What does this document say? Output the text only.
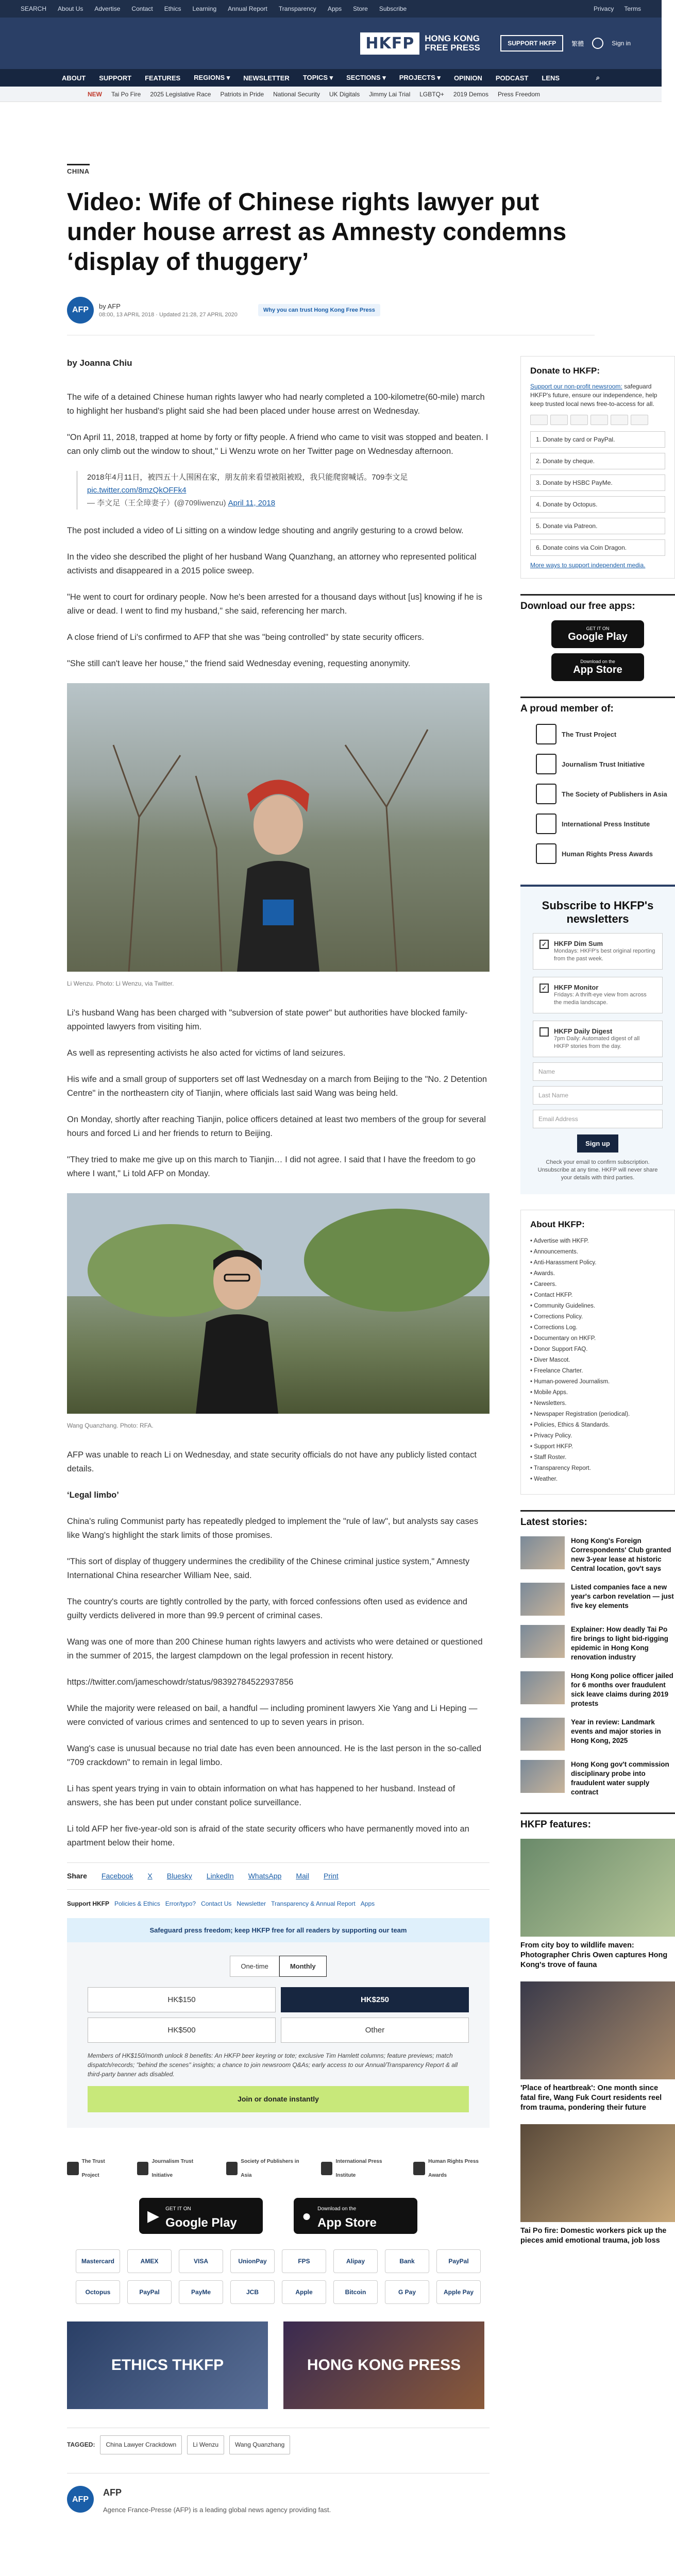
SEARCH About Us Advertise Contact Ethics Learning Annual Report Transparency Apps Store Subscribe	Privacy Terms
HKFP	HONG KONG
FREE PRESS	SUPPORT HKFP	繁體	Sign in
ABOUT SUPPORT FEATURES REGIONS ▾ NEWSLETTER TOPICS ▾ SECTIONS ▾ PROJECTS ▾ OPINION PODCAST LENS	⌕
NEW Tai Po Fire 2025 Legislative Race Patriots in Pride National Security UK Digitals Jimmy Lai Trial LGBTQ+ 2019 Demos Press Freedom
CHINA
Video: Wife of Chinese rights lawyer put under house arrest as Amnesty condemns ‘display of thuggery’
AFP	by AFP
08:00, 13 APRIL 2018 · Updated 21:28, 27 APRIL 2020
Why you can trust Hong Kong Free Press
by Joanna Chiu

The wife of a detained Chinese human rights lawyer who had nearly completed a 100-kilometre(60-mile) march to highlight her husband's plight said she had been placed under house arrest on Wednesday.

"On April 11, 2018, trapped at home by forty or fifty people. A friend who came to visit was stopped and beaten. I can only climb out the window to shout," Li Wenzu wrote on her Twitter page on Wednesday afternoon.

2018年4月11日，被四五十人围困在家，朋友前来看望被阻被殴，我只能爬窗喊话。709李文足 pic.twitter.com/8mzQkOFFk4
— 李文足（王全璋妻子）(@709liwenzu) April 11, 2018

The post included a video of Li sitting on a window ledge shouting and angrily gesturing to a crowd below.

In the video she described the plight of her husband Wang Quanzhang, an attorney who represented political activists and disappeared in a 2015 police sweep.

"He went to court for ordinary people. Now he's been arrested for a thousand days without [us] knowing if he is alive or dead. I went to find my husband," she said, referencing her march.

A close friend of Li's confirmed to AFP that she was "being controlled" by state security officers.

"She still can't leave her house," the friend said Wednesday evening, requesting anonymity.

Li Wenzu. Photo: Li Wenzu, via Twitter.

Li's husband Wang has been charged with "subversion of state power" but authorities have blocked family-appointed lawyers from visiting him.

As well as representing activists he also acted for victims of land seizures.

His wife and a small group of supporters set off last Wednesday on a march from Beijing to the "No. 2 Detention Centre" in the northeastern city of Tianjin, where officials last said Wang was being held.

On Monday, shortly after reaching Tianjin, police officers detained at least two members of the group for several hours and forced Li and her friends to return to Beijing.

"They tried to make me give up on this march to Tianjin… I did not agree. I said that I have the freedom to go where I want," Li told AFP on Monday.

Wang Quanzhang. Photo: RFA.

AFP was unable to reach Li on Wednesday, and state security officials do not have any publicly listed contact details.

‘Legal limbo’

China's ruling Communist party has repeatedly pledged to implement the "rule of law", but analysts say cases like Wang's highlight the stark limits of those promises.

"This sort of display of thuggery undermines the credibility of the Chinese criminal justice system," Amnesty International China researcher William Nee, said.

The country's courts are tightly controlled by the party, with forced confessions often used as evidence and guilty verdicts delivered in more than 99.9 percent of criminal cases.

Wang was one of more than 200 Chinese human rights lawyers and activists who were detained or questioned in the summer of 2015, the largest clampdown on the legal profession in recent history.

https://twitter.com/jameschowdr/status/983927845229378​56

While the majority were released on bail, a handful — including prominent lawyers Xie Yang and Li Heping — were convicted of various crimes and sentenced to up to seven years in prison.

Wang's case is unusual because no trial date has even been announced. He is the last person in the so-called "709 crackdown" to remain in legal limbo.

Li has spent years trying in vain to obtain information on what has happened to her husband. Instead of answers, she has been put under constant police surveillance.

Li told AFP her five-year-old son is afraid of the state security officers who have permanently moved into an apartment below their home.

Share Facebook X Bluesky LinkedIn WhatsApp Mail Print
Support HKFP Policies & Ethics Error/typo? Contact Us Newsletter Transparency & Annual Report Apps
Safeguard press freedom; keep HKFP free for all readers by supporting our team
One-time	Monthly
HK$150	HK$250
HK$500	Other
Members of HK$150/month unlock 8 benefits: An HKFP beer keyring or tote; exclusive Tim Hamlett columns; feature previews; match dispatch/records; "behind the scenes" insights; a chance to join newsroom Q&As; early access to our Annual/Transparency Report & all third-party banner ads disabled.
Join or donate instantly
The Trust Project
Journalism Trust Initiative
Society of Publishers in Asia
International Press Institute
Human Rights Press Awards
▶ GET IT ON
Google Play	● Download on the
App Store
Mastercard	AMEX	VISA	UnionPay	FPS	Alipay	Bank	PayPal
Octopus	PayPal	PayMe	JCB	Apple	Bitcoin	G Pay	Apple Pay
ETHICS THKFP	HONG KONG PRESS
TAGGED:	China Lawyer Crackdown	Li Wenzu	Wang Quanzhang
AFP
AFP
Agence France-Presse (AFP) is a leading global news agency providing fast.
Donate to HKFP:
Support our non-profit newsroom: safeguard HKFP's future, ensure our independence, help keep trusted local news free-to-access for all.
1. Donate by card or PayPal.
2. Donate by cheque.
3. Donate by HSBC PayMe.
4. Donate by Octopus.
5. Donate via Patreon.
6. Donate coins via Coin Dragon.
More ways to support independent media.
Download our free apps:
GET IT ON
Google Play
Download on the
App Store
A proud member of:
The Trust Project
Journalism Trust Initiative
The Society of Publishers in Asia
International Press Institute
Human Rights Press Awards
Subscribe to HKFP's newsletters
✓	HKFP Dim Sum
Mondays: HKFP's best original reporting from the past week.
✓	HKFP Monitor
Fridays: A thrift-eye view from across the media landscape.
HKFP Daily Digest
7pm Daily: Automated digest of all HKFP stories from the day.
Name
Last Name
Email Address
Sign up
Check your email to confirm subscription. Unsubscribe at any time. HKFP will never share your details with third parties.
About HKFP:
• Advertise with HKFP.
• Announcements.
• Anti-Harassment Policy.
• Awards.
• Careers.
• Contact HKFP.
• Community Guidelines.
• Corrections Policy.
• Corrections Log.
• Documentary on HKFP.
• Donor Support FAQ.
• Diver Mascot.
• Freelance Charter.
• Human-powered Journalism.
• Mobile Apps.
• Newsletters.
• Newspaper Registration (periodical).
• Policies, Ethics & Standards.
• Privacy Policy.
• Support HKFP.
• Staff Roster.
• Transparency Report.
• Weather.
Latest stories:
Hong Kong's Foreign Correspondents' Club granted new 3-year lease at historic Central location, gov't says
Listed companies face a new year's carbon revelation — just five key elements
Explainer: How deadly Tai Po fire brings to light bid-rigging epidemic in Hong Kong renovation industry
Hong Kong police officer jailed for 6 months over fraudulent sick leave claims during 2019 protests
Year in review: Landmark events and major stories in Hong Kong, 2025
Hong Kong gov't commission disciplinary probe into fraudulent water supply contract
HKFP features:
From city boy to wildlife maven: Photographer Chris Owen captures Hong Kong's trove of fauna
'Place of heartbreak': One month since fatal fire, Wang Fuk Court residents reel from trauma, pondering their future
Tai Po fire: Domestic workers pick up the pieces amid emotional trauma, job loss
